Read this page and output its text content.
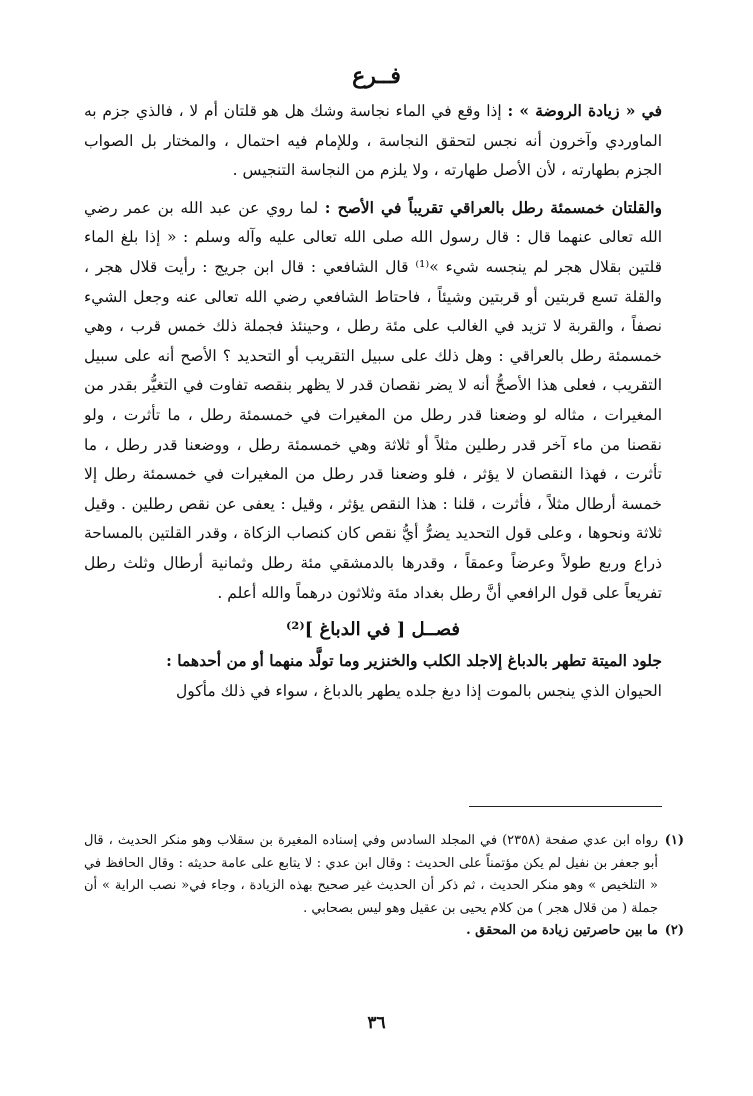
فــرع

في « زيادة الروضة » : إذا وقع في الماء نجاسة وشك هل هو قلتان أم لا ، فالذي جزم به الماوردي وآخرون أنه نجس لتحقق النجاسة ، وللإمام فيه احتمال ، والمختار بل الصواب الجزم بطهارته ، لأن الأصل طهارته ، ولا يلزم من النجاسة التنجيس .

والقلتان خمسمئة رطل بالعراقي تقريباً في الأصح : لما روي عن عبد الله بن عمر رضي الله تعالى عنهما قال : قال رسول الله صلى الله تعالى عليه وآله وسلم : « إذا بلغ الماء قلتين بقلال هجر لم ينجسه شيء »⁽¹⁾ قال الشافعي : قال ابن جريج : رأيت قلال هجر ، والقلة تسع قربتين أو قربتين وشيئاً ، فاحتاط الشافعي رضي الله تعالى عنه وجعل الشيء نصفاً ، والقربة لا تزيد في الغالب على مئة رطل ، وحينئذ فجملة ذلك خمس قرب ، وهي خمسمئة رطل بالعراقي : وهل ذلك على سبيل التقريب أو التحديد ؟ الأصح أنه على سبيل التقريب ، فعلى هذا الأصحُّ أنه لا يضر نقصان قدر لا يظهر بنقصه تفاوت في التغيُّر بقدر من المغيرات ، مثاله لو وضعنا قدر رطل من المغيرات في خمسمئة رطل ، ما تأثرت ، ولو نقصنا من ماء آخر قدر رطلين مثلاً أو ثلاثة وهي خمسمئة رطل ، ووضعنا قدر رطل ، ما تأثرت ، فهذا النقصان لا يؤثر ، فلو وضعنا قدر رطل من المغيرات في خمسمئة رطل إلا خمسة أرطال مثلاً ، فأثرت ، قلنا : هذا النقص يؤثر ، وقيل : يعفى عن نقص رطلين . وقيل ثلاثة ونحوها ، وعلى قول التحديد يضرُّ أيُّ نقص كان كنصاب الزكاة ، وقدر القلتين بالمساحة ذراع وربع طولاً وعرضاً وعمقاً ، وقدرها بالدمشقي مئة رطل وثمانية أرطال وثلث رطل تفريعاً على قول الرافعي أنَّ رطل بغداد مئة وثلاثون درهماً والله أعلم .

فصــل [ في الدباغ ]⁽²⁾

جلود الميتة تطهر بالدباغ إلاجلد الكلب والخنزير وما تولَّد منهما أو من أحدهما :

الحيوان الذي ينجس بالموت إذا دبغ جلده يطهر بالدباغ ، سواء في ذلك مأكول

(١)
رواه ابن عدي صفحة (٢٣٥٨) في المجلد السادس وفي إسناده المغيرة بن سقلاب وهو منكر الحديث ، قال أبو جعفر بن نفيل لم يكن مؤتمناً على الحديث : وقال ابن عدي : لا يتابع على عامة حديثه : وقال الحافظ في « التلخيص » وهو منكر الحديث ، ثم ذكر أن الحديث غير صحيح بهذه الزيادة ، وجاء في« نصب الراية » أن جملة ( من قلال هجر ) من كلام يحيى بن عقيل وهو ليس بصحابي .
(٢)
ما بين حاصرتين زيادة من المحقق .
٣٦
